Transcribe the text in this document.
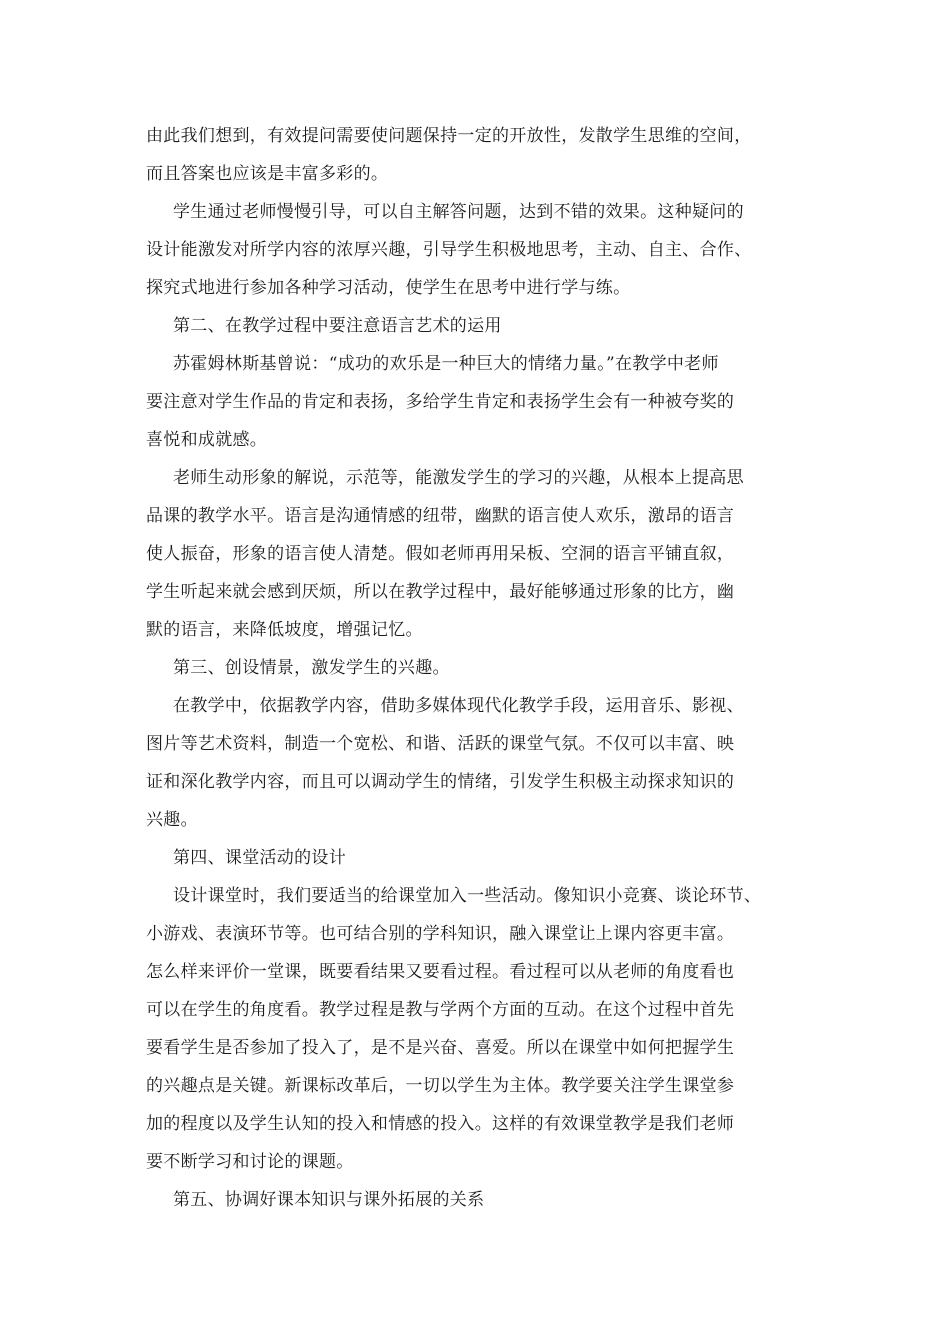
由此我们想到，有效提问需要使问题保持一定的开放性，发散学生思维的空间，
而且答案也应该是丰富多彩的。
学生通过老师慢慢引导，可以自主解答问题，达到不错的效果。这种疑问的
设计能激发对所学内容的浓厚兴趣，引导学生积极地思考，主动、自主、合作、
探究式地进行参加各种学习活动，使学生在思考中进行学与练。
第二、在教学过程中要注意语言艺术的运用
苏霍姆林斯基曾说：“成功的欢乐是一种巨大的情绪力量。”在教学中老师
要注意对学生作品的肯定和表扬，多给学生肯定和表扬学生会有一种被夸奖的
喜悦和成就感。
老师生动形象的解说，示范等，能激发学生的学习的兴趣，从根本上提高思
品课的教学水平。语言是沟通情感的纽带，幽默的语言使人欢乐，激昂的语言
使人振奋，形象的语言使人清楚。假如老师再用呆板、空洞的语言平铺直叙，
学生听起来就会感到厌烦，所以在教学过程中，最好能够通过形象的比方，幽
默的语言，来降低坡度，增强记忆。
第三、创设情景，激发学生的兴趣。
在教学中，依据教学内容，借助多媒体现代化教学手段，运用音乐、影视、
图片等艺术资料，制造一个宽松、和谐、活跃的课堂气氛。不仅可以丰富、映
证和深化教学内容，而且可以调动学生的情绪，引发学生积极主动探求知识的
兴趣。
第四、课堂活动的设计
设计课堂时，我们要适当的给课堂加入一些活动。像知识小竞赛、谈论环节、
小游戏、表演环节等。也可结合别的学科知识，融入课堂让上课内容更丰富。
怎么样来评价一堂课，既要看结果又要看过程。看过程可以从老师的角度看也
可以在学生的角度看。教学过程是教与学两个方面的互动。在这个过程中首先
要看学生是否参加了投入了，是不是兴奋、喜爱。所以在课堂中如何把握学生
的兴趣点是关键。新课标改革后，一切以学生为主体。教学要关注学生课堂参
加的程度以及学生认知的投入和情感的投入。这样的有效课堂教学是我们老师
要不断学习和讨论的课题。
第五、协调好课本知识与课外拓展的关系
